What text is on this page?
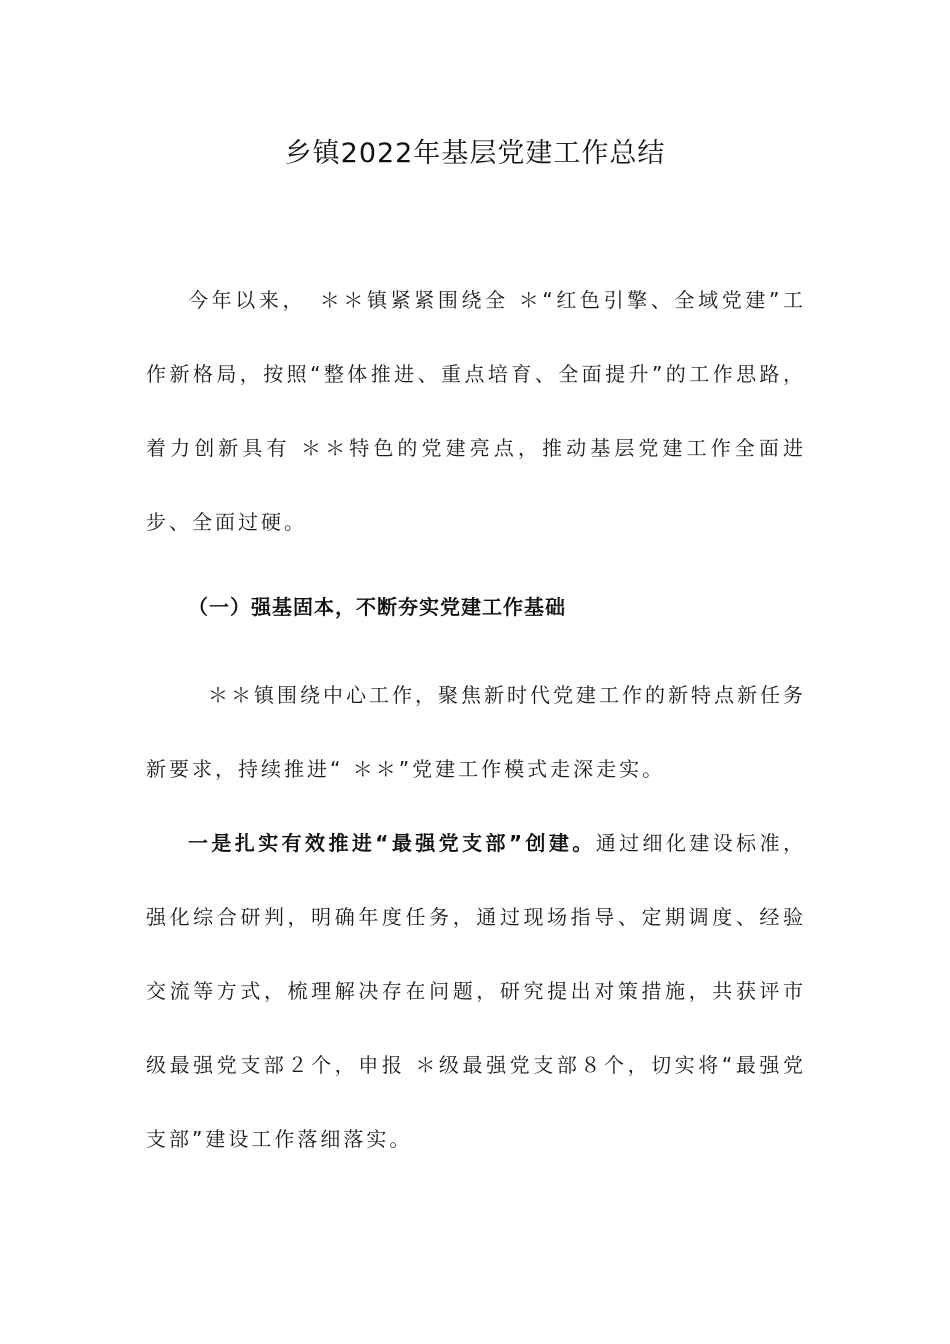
乡镇2022年基层党建工作总结

今年以来，　＊＊镇紧紧围绕全 ＊“红色引擎、全域党建”工作新格局，按照“整体推进、重点培育、全面提升”的工作思路，着力创新具有 ＊＊特色的党建亮点，推动基层党建工作全面进步、全面过硬。

（一）强基固本，不断夯实党建工作基础

＊＊镇围绕中心工作，聚焦新时代党建工作的新特点新任务新要求，持续推进“ ＊＊”党建工作模式走深走实。

一是扎实有效推进“最强党支部”创建。通过细化建设标准，强化综合研判，明确年度任务，通过现场指导、定期调度、经验交流等方式，梳理解决存在问题，研究提出对策措施，共获评市级最强党支部２个，申报 ＊级最强党支部８个，切实将“最强党支部”建设工作落细落实。
